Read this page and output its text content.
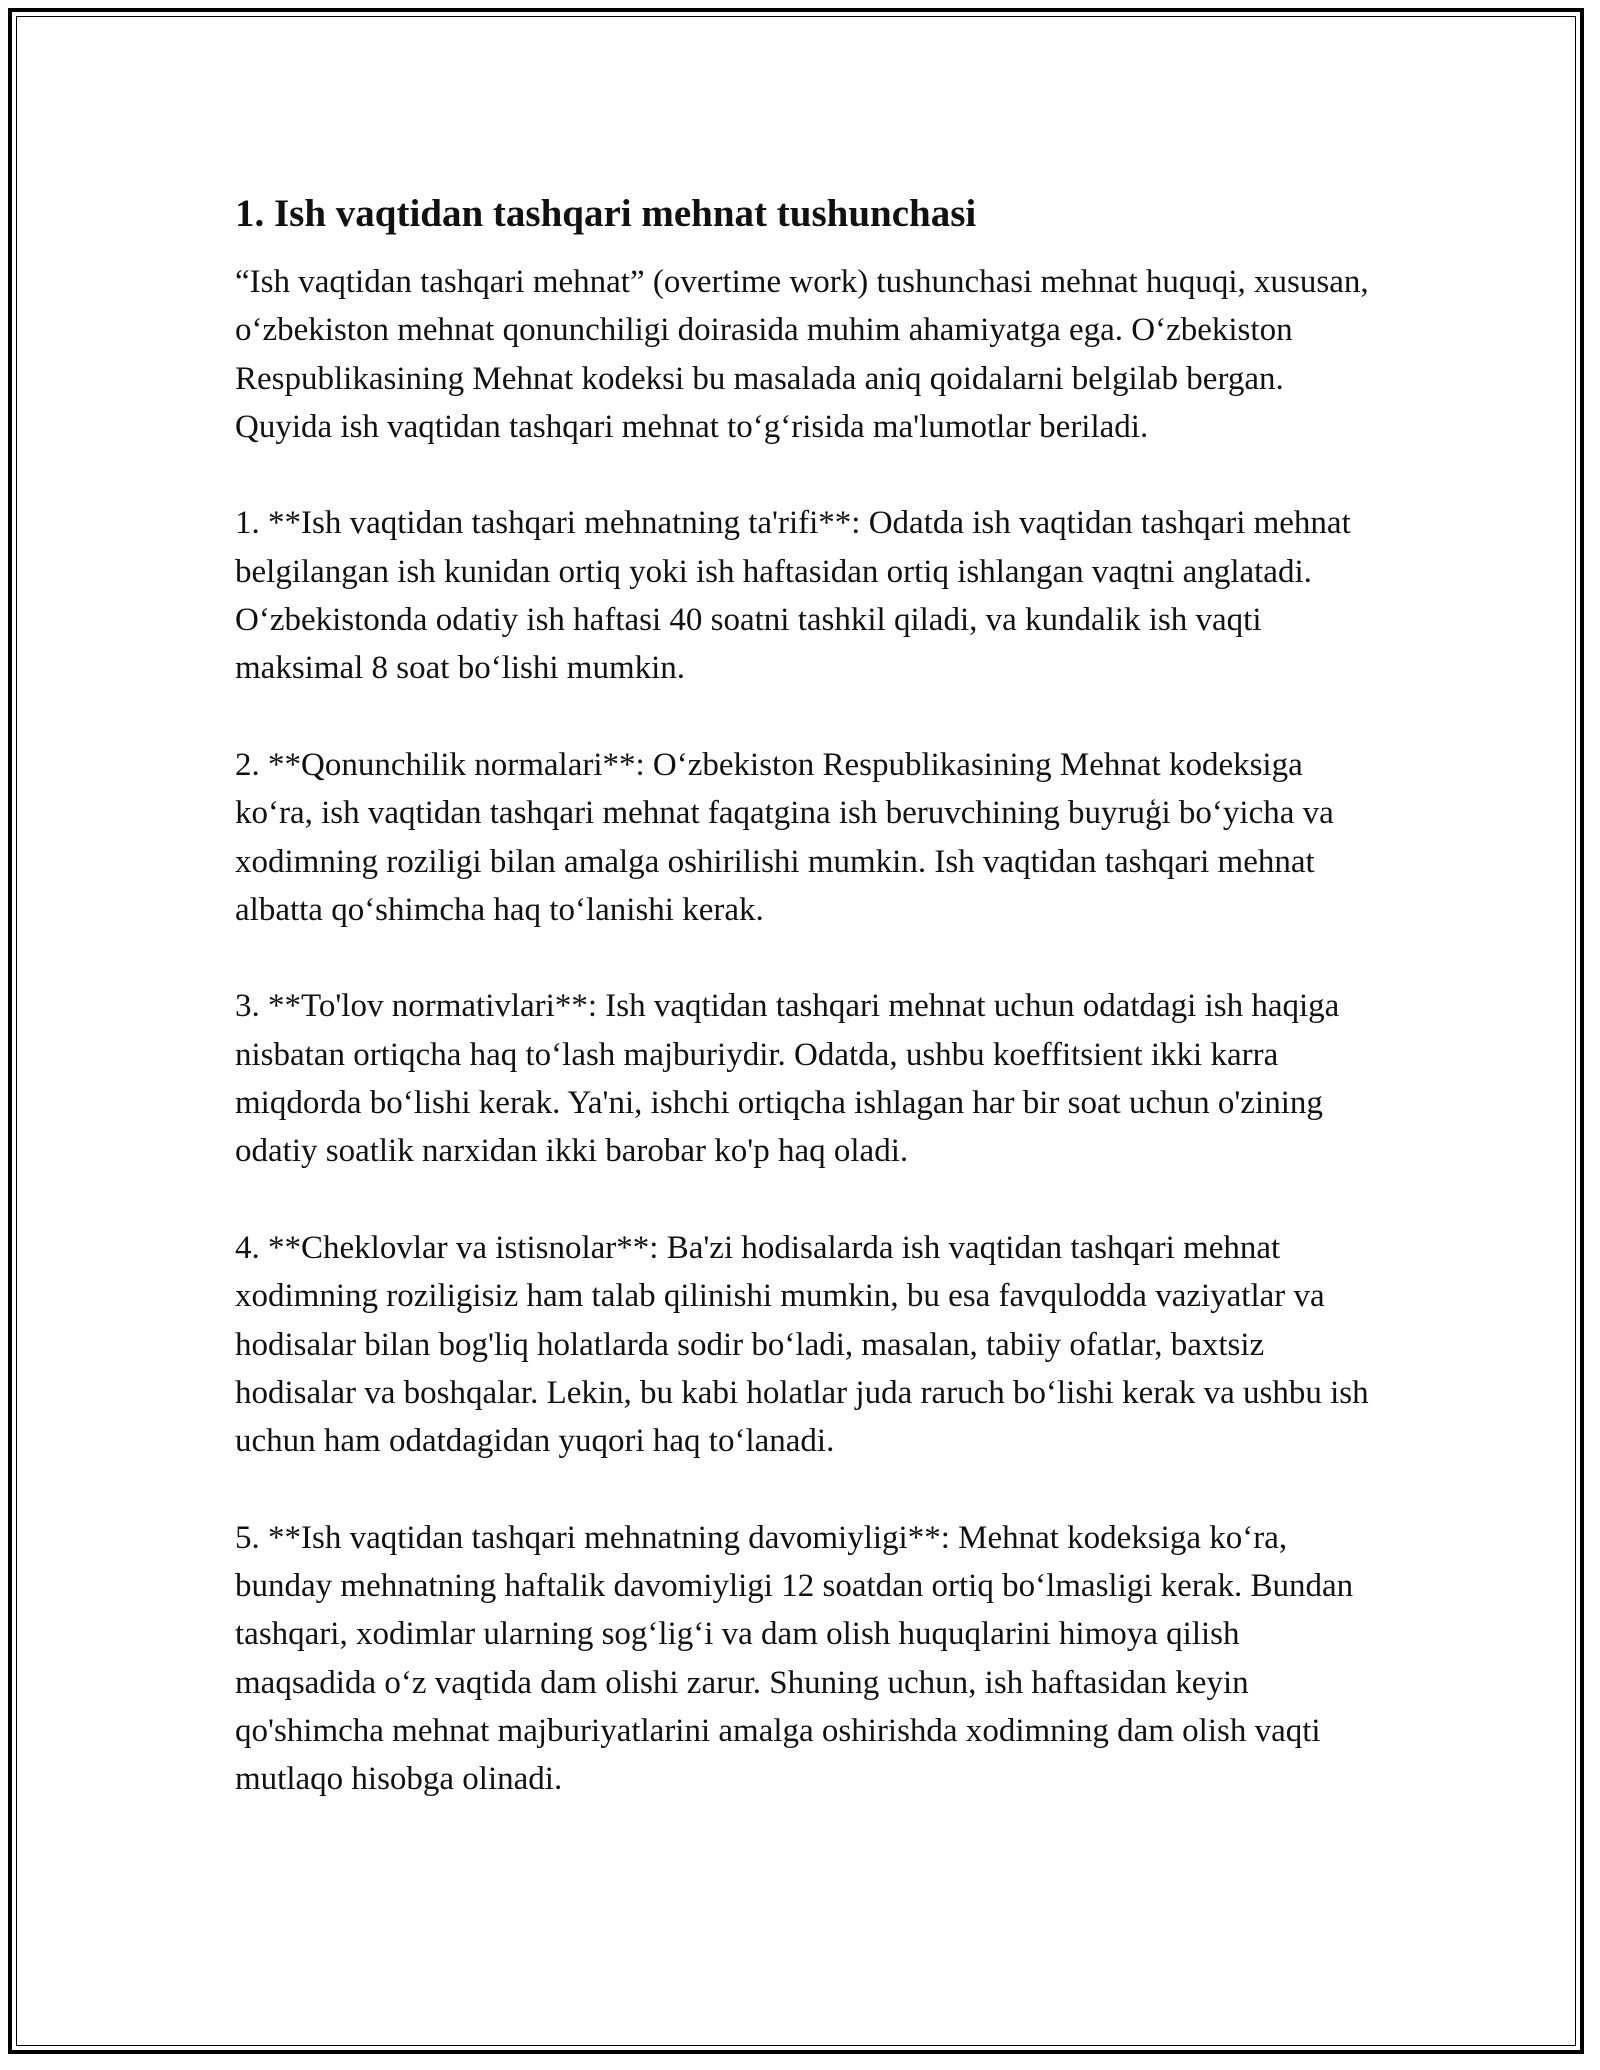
1. Ish vaqtidan tashqari mehnat tushunchasi

“Ish vaqtidan tashqari mehnat” (overtime work) tushunchasi mehnat huquqi, xususan, oʻzbekiston mehnat qonunchiligi doirasida muhim ahamiyatga ega. Oʻzbekiston Respublikasining Mehnat kodeksi bu masalada aniq qoidalarni belgilab bergan. Quyida ish vaqtidan tashqari mehnat toʻgʻrisida ma'lumotlar beriladi.

1. **Ish vaqtidan tashqari mehnatning ta'rifi**: Odatda ish vaqtidan tashqari mehnat belgilangan ish kunidan ortiq yoki ish haftasidan ortiq ishlangan vaqtni anglatadi. Oʻzbekistonda odatiy ish haftasi 40 soatni tashkil qiladi, va kundalik ish vaqti maksimal 8 soat boʻlishi mumkin.

2. **Qonunchilik normalari**: Oʻzbekiston Respublikasining Mehnat kodeksiga koʻra, ish vaqtidan tashqari mehnat faqatgina ish beruvchining buyruģi boʻyicha va xodimning roziligi bilan amalga oshirilishi mumkin. Ish vaqtidan tashqari mehnat albatta qoʻshimcha haq toʻlanishi kerak.

3. **To'lov normativlari**: Ish vaqtidan tashqari mehnat uchun odatdagi ish haqiga nisbatan ortiqcha haq toʻlash majburiydir. Odatda, ushbu koeffitsient ikki karra miqdorda boʻlishi kerak. Ya'ni, ishchi ortiqcha ishlagan har bir soat uchun o'zining odatiy soatlik narxidan ikki barobar ko'p haq oladi.

4. **Cheklovlar va istisnolar**: Ba'zi hodisalarda ish vaqtidan tashqari mehnat xodimning roziligisiz ham talab qilinishi mumkin, bu esa favqulodda vaziyatlar va hodisalar bilan bog'liq holatlarda sodir boʻladi, masalan, tabiiy ofatlar, baxtsiz hodisalar va boshqalar. Lekin, bu kabi holatlar juda raruch boʻlishi kerak va ushbu ish uchun ham odatdagidan yuqori haq toʻlanadi.

5. **Ish vaqtidan tashqari mehnatning davomiyligi**: Mehnat kodeksiga koʻra, bunday mehnatning haftalik davomiyligi 12 soatdan ortiq boʻlmasligi kerak. Bundan tashqari, xodimlar ularning sogʻligʻi va dam olish huquqlarini himoya qilish maqsadida oʻz vaqtida dam olishi zarur. Shuning uchun, ish haftasidan keyin qo'shimcha mehnat majburiyatlarini amalga oshirishda xodimning dam olish vaqti mutlaqo hisobga olinadi.
